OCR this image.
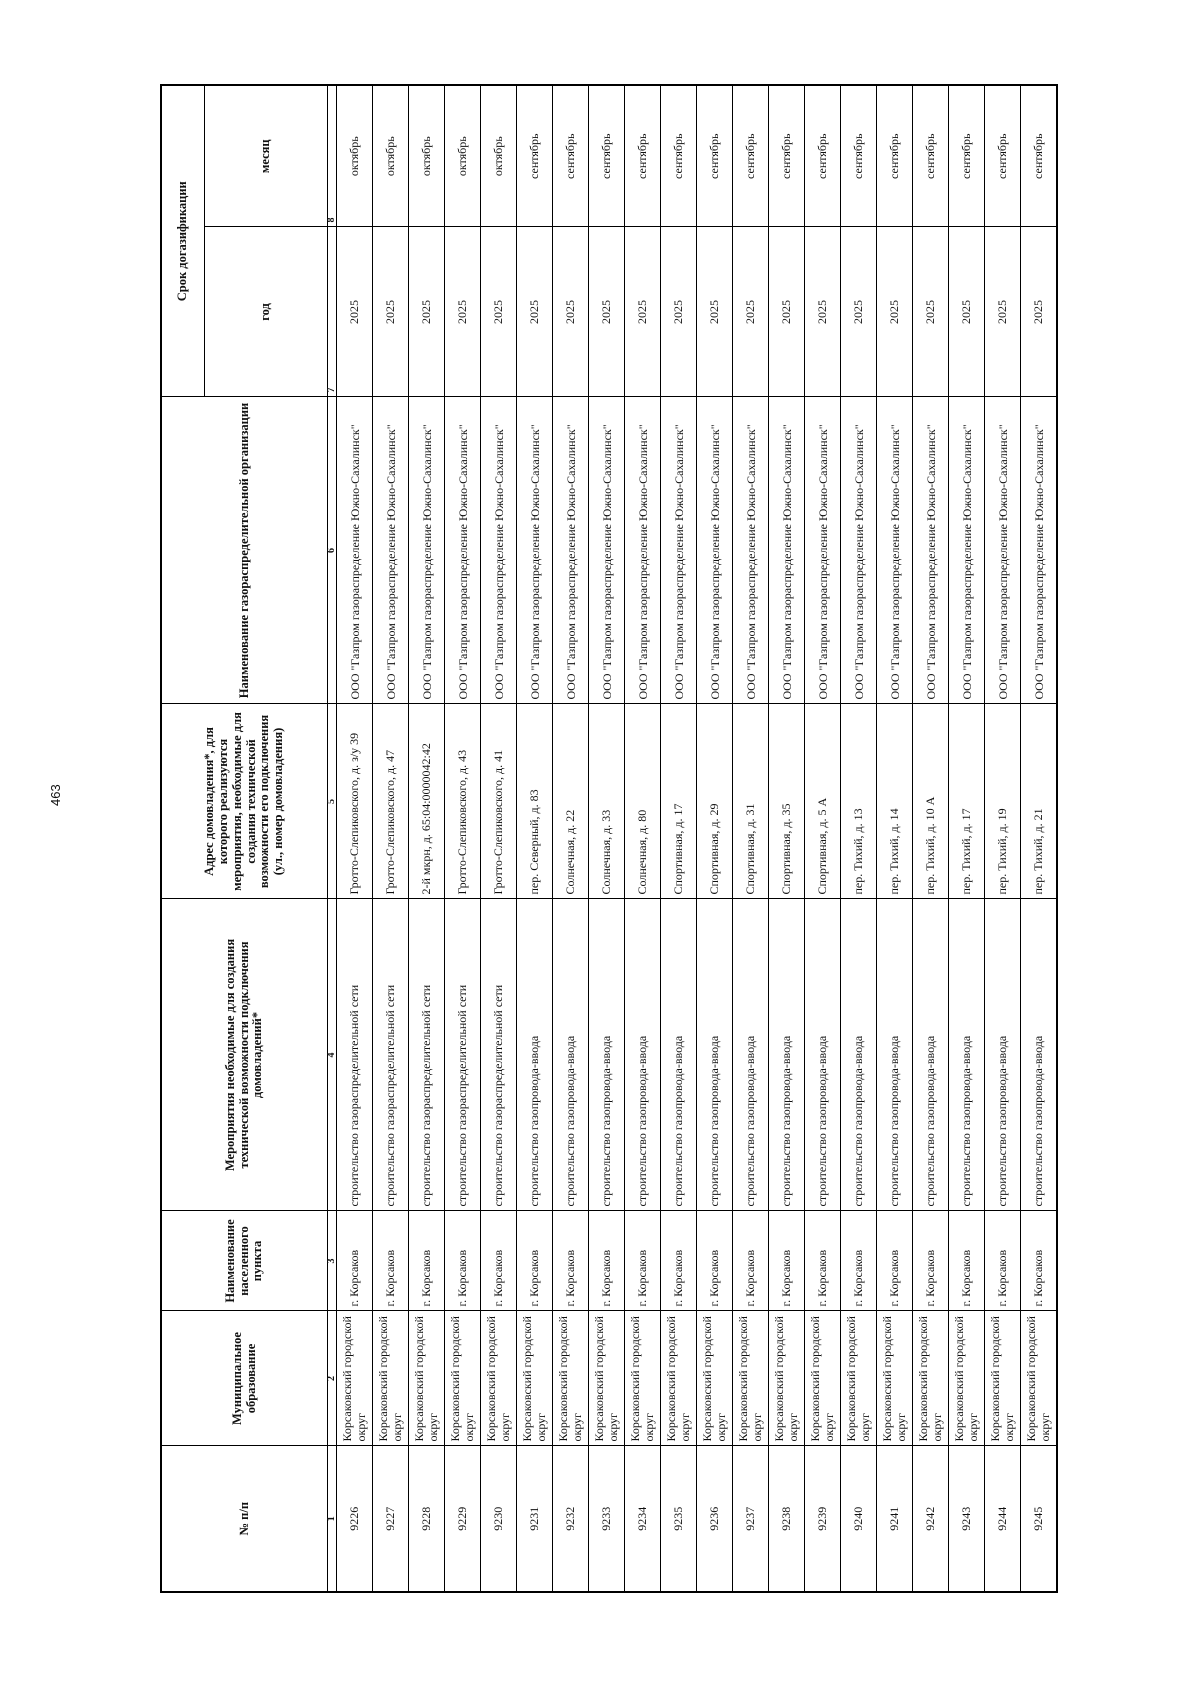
463
№ п/п	Муниципальное образование	Наименование населенного пункта	Мероприятия необходимые для создания технической возможности подключения домовладений*	Адрес домовладения*, для которого реализуются мероприятия, необходимые для создания технической возможности его подключения (ул., номер домовладения)	Наименование газораспределительной организации	Срок догазификации	
						год	месяц
1	2	3	4	5	6	7	8
9226	Корсаковский городской округ	г. Корсаков	строительство газораспределительной сети	Гротто-Слепиковского, д. з/у 39	ООО "Газпром газораспределение Южно-Сахалинск"	2025	октябрь
9227	Корсаковский городской округ	г. Корсаков	строительство газораспределительной сети	Гротто-Слепиковского, д. 47	ООО "Газпром газораспределение Южно-Сахалинск"	2025	октябрь
9228	Корсаковский городской округ	г. Корсаков	строительство газораспределительной сети	2-й мкрн, д. 65:04:0000042:42	ООО "Газпром газораспределение Южно-Сахалинск"	2025	октябрь
9229	Корсаковский городской округ	г. Корсаков	строительство газораспределительной сети	Гротто-Слепиковского, д. 43	ООО "Газпром газораспределение Южно-Сахалинск"	2025	октябрь
9230	Корсаковский городской округ	г. Корсаков	строительство газораспределительной сети	Гротто-Слепиковского, д. 41	ООО "Газпром газораспределение Южно-Сахалинск"	2025	октябрь
9231	Корсаковский городской округ	г. Корсаков	строительство газопровода-ввода	пер. Северный, д. 83	ООО "Газпром газораспределение Южно-Сахалинск"	2025	сентябрь
9232	Корсаковский городской округ	г. Корсаков	строительство газопровода-ввода	Солнечная, д. 22	ООО "Газпром газораспределение Южно-Сахалинск"	2025	сентябрь
9233	Корсаковский городской округ	г. Корсаков	строительство газопровода-ввода	Солнечная, д. 33	ООО "Газпром газораспределение Южно-Сахалинск"	2025	сентябрь
9234	Корсаковский городской округ	г. Корсаков	строительство газопровода-ввода	Солнечная, д. 80	ООО "Газпром газораспределение Южно-Сахалинск"	2025	сентябрь
9235	Корсаковский городской округ	г. Корсаков	строительство газопровода-ввода	Спортивная, д. 17	ООО "Газпром газораспределение Южно-Сахалинск"	2025	сентябрь
9236	Корсаковский городской округ	г. Корсаков	строительство газопровода-ввода	Спортивная, д. 29	ООО "Газпром газораспределение Южно-Сахалинск"	2025	сентябрь
9237	Корсаковский городской округ	г. Корсаков	строительство газопровода-ввода	Спортивная, д. 31	ООО "Газпром газораспределение Южно-Сахалинск"	2025	сентябрь
9238	Корсаковский городской округ	г. Корсаков	строительство газопровода-ввода	Спортивная, д. 35	ООО "Газпром газораспределение Южно-Сахалинск"	2025	сентябрь
9239	Корсаковский городской округ	г. Корсаков	строительство газопровода-ввода	Спортивная, д. 5 А	ООО "Газпром газораспределение Южно-Сахалинск"	2025	сентябрь
9240	Корсаковский городской округ	г. Корсаков	строительство газопровода-ввода	пер. Тихий, д. 13	ООО "Газпром газораспределение Южно-Сахалинск"	2025	сентябрь
9241	Корсаковский городской округ	г. Корсаков	строительство газопровода-ввода	пер. Тихий, д. 14	ООО "Газпром газораспределение Южно-Сахалинск"	2025	сентябрь
9242	Корсаковский городской округ	г. Корсаков	строительство газопровода-ввода	пер. Тихий, д. 10 А	ООО "Газпром газораспределение Южно-Сахалинск"	2025	сентябрь
9243	Корсаковский городской округ	г. Корсаков	строительство газопровода-ввода	пер. Тихий, д. 17	ООО "Газпром газораспределение Южно-Сахалинск"	2025	сентябрь
9244	Корсаковский городской округ	г. Корсаков	строительство газопровода-ввода	пер. Тихий, д. 19	ООО "Газпром газораспределение Южно-Сахалинск"	2025	сентябрь
9245	Корсаковский городской округ	г. Корсаков	строительство газопровода-ввода	пер. Тихий, д. 21	ООО "Газпром газораспределение Южно-Сахалинск"	2025	сентябрь
